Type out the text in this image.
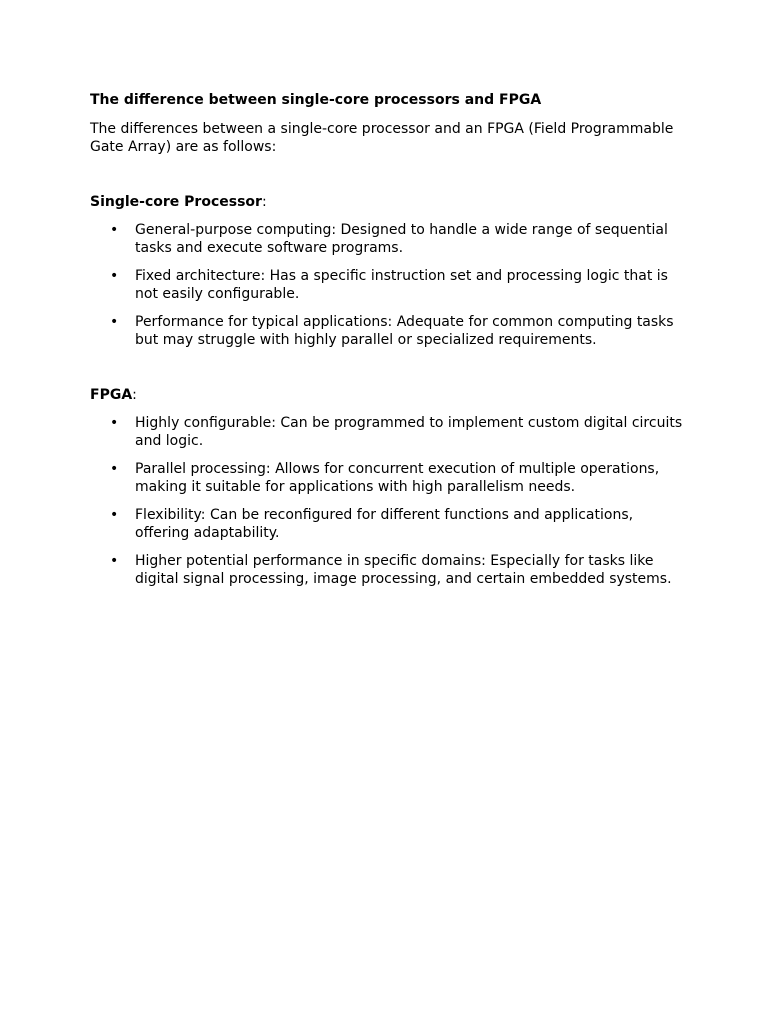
The difference between single-core processors and FPGA

The differences between a single-core processor and an FPGA (Field Programmable Gate Array) are as follows:

Single-core Processor:
• General-purpose computing: Designed to handle a wide range of sequential tasks and execute software programs.
• Fixed architecture: Has a specific instruction set and processing logic that is not easily configurable.
• Performance for typical applications: Adequate for common computing tasks but may struggle with highly parallel or specialized requirements.
FPGA:
• Highly configurable: Can be programmed to implement custom digital circuits and logic.
• Parallel processing: Allows for concurrent execution of multiple operations, making it suitable for applications with high parallelism needs.
• Flexibility: Can be reconfigured for different functions and applications, offering adaptability.
• Higher potential performance in specific domains: Especially for tasks like digital signal processing, image processing, and certain embedded systems.
